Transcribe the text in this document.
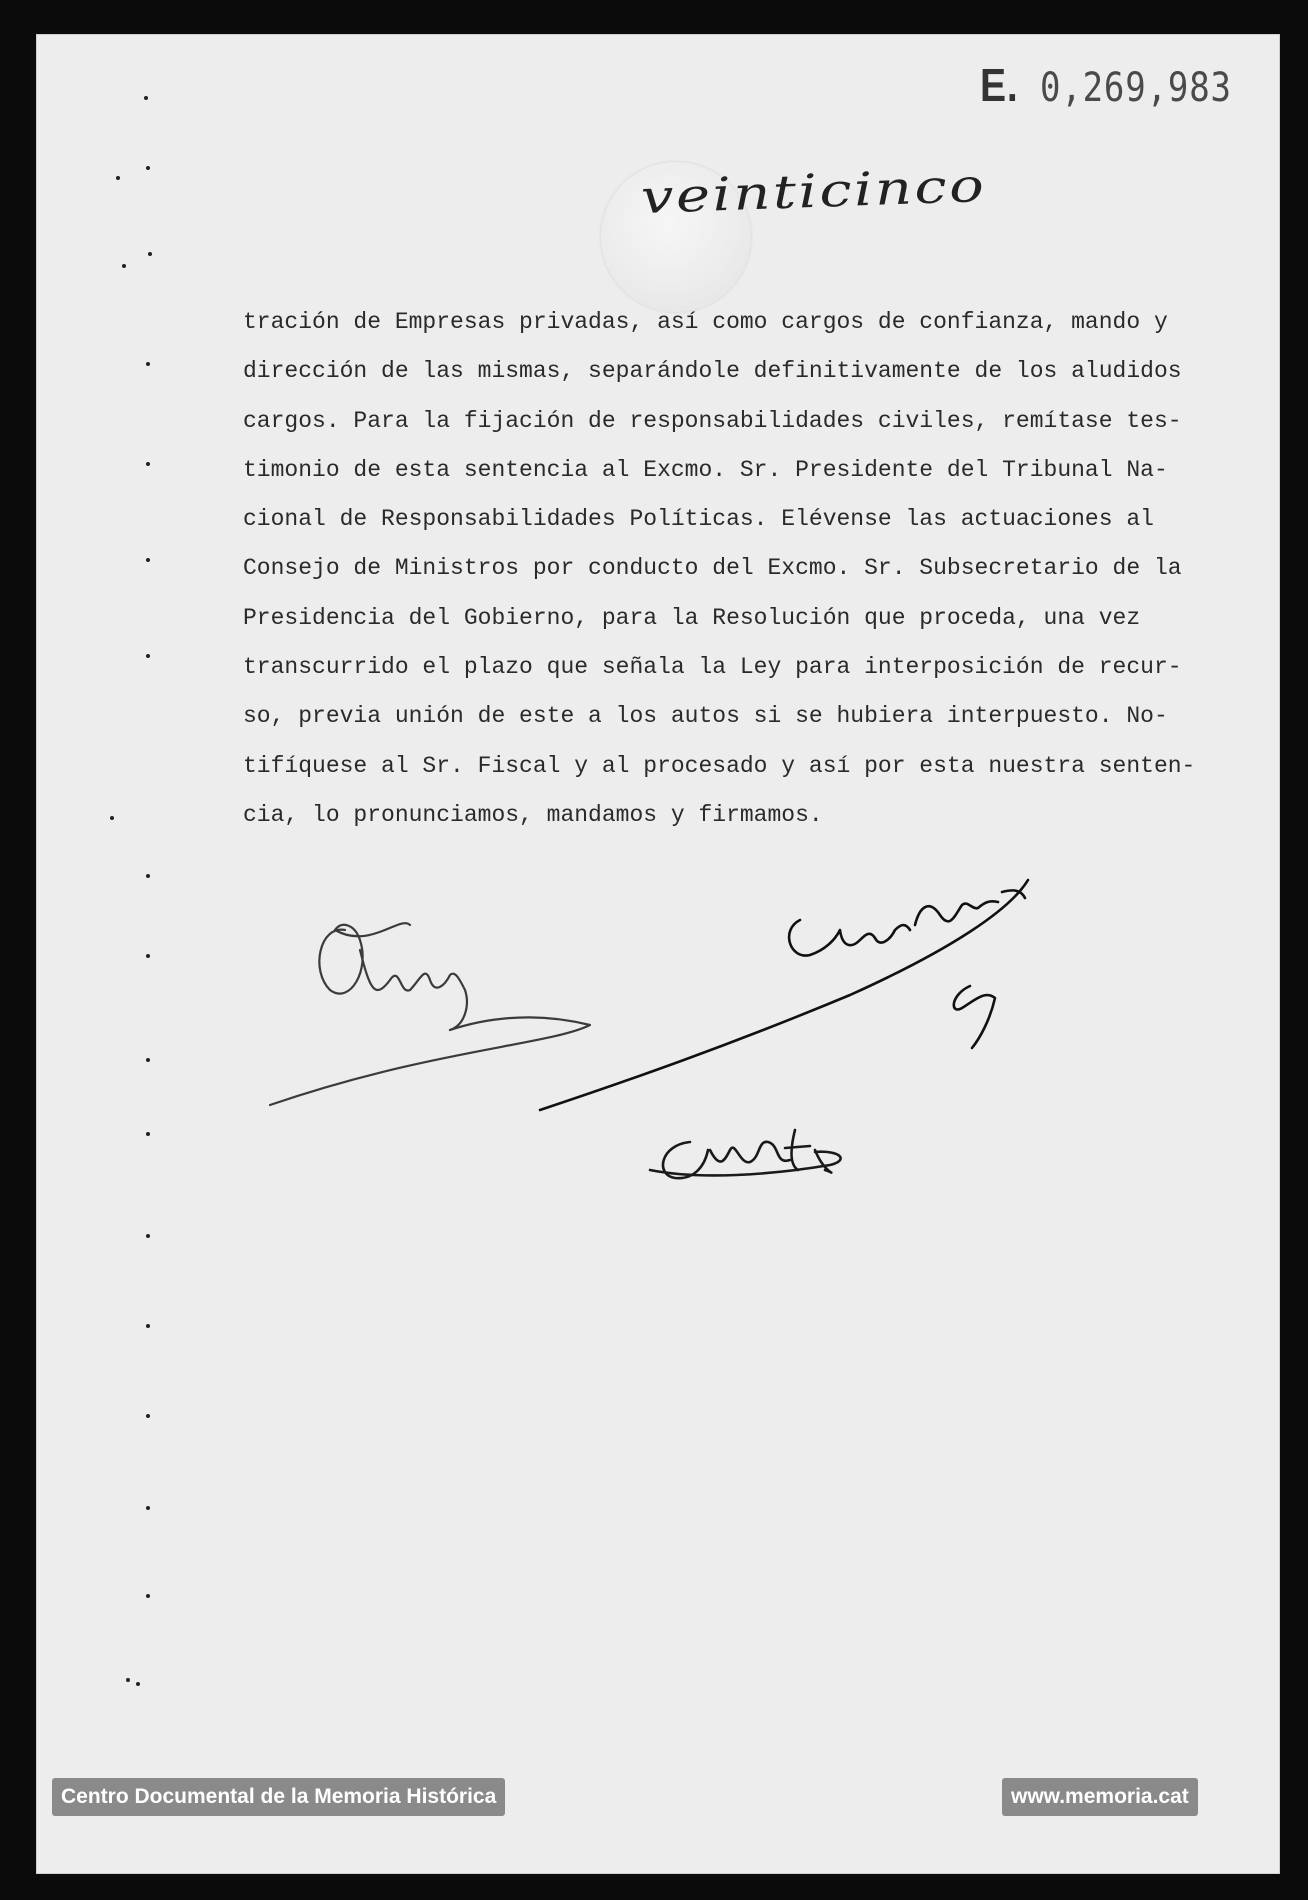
E. 0,269,983
veinticinco
tración de Empresas privadas, así como cargos de confianza, mando y
dirección de las mismas, separándole definitivamente de los aludidos
cargos. Para la fijación de responsabilidades civiles, remítase tes-
timonio de esta sentencia al Excmo. Sr. Presidente del Tribunal Na-
cional de Responsabilidades Políticas. Elévense las actuaciones al
Consejo de Ministros por conducto del Excmo. Sr. Subsecretario de la
Presidencia del Gobierno, para la Resolución que proceda, una vez
transcurrido el plazo que señala la Ley para interposición de recur-
so, previa unión de este a los autos si se hubiera interpuesto. No-
tifíquese al Sr. Fiscal y al procesado y así por esta nuestra senten-
cia, lo pronunciamos, mandamos y firmamos.
Centro Documental de la Memoria Histórica	www.memoria.cat
